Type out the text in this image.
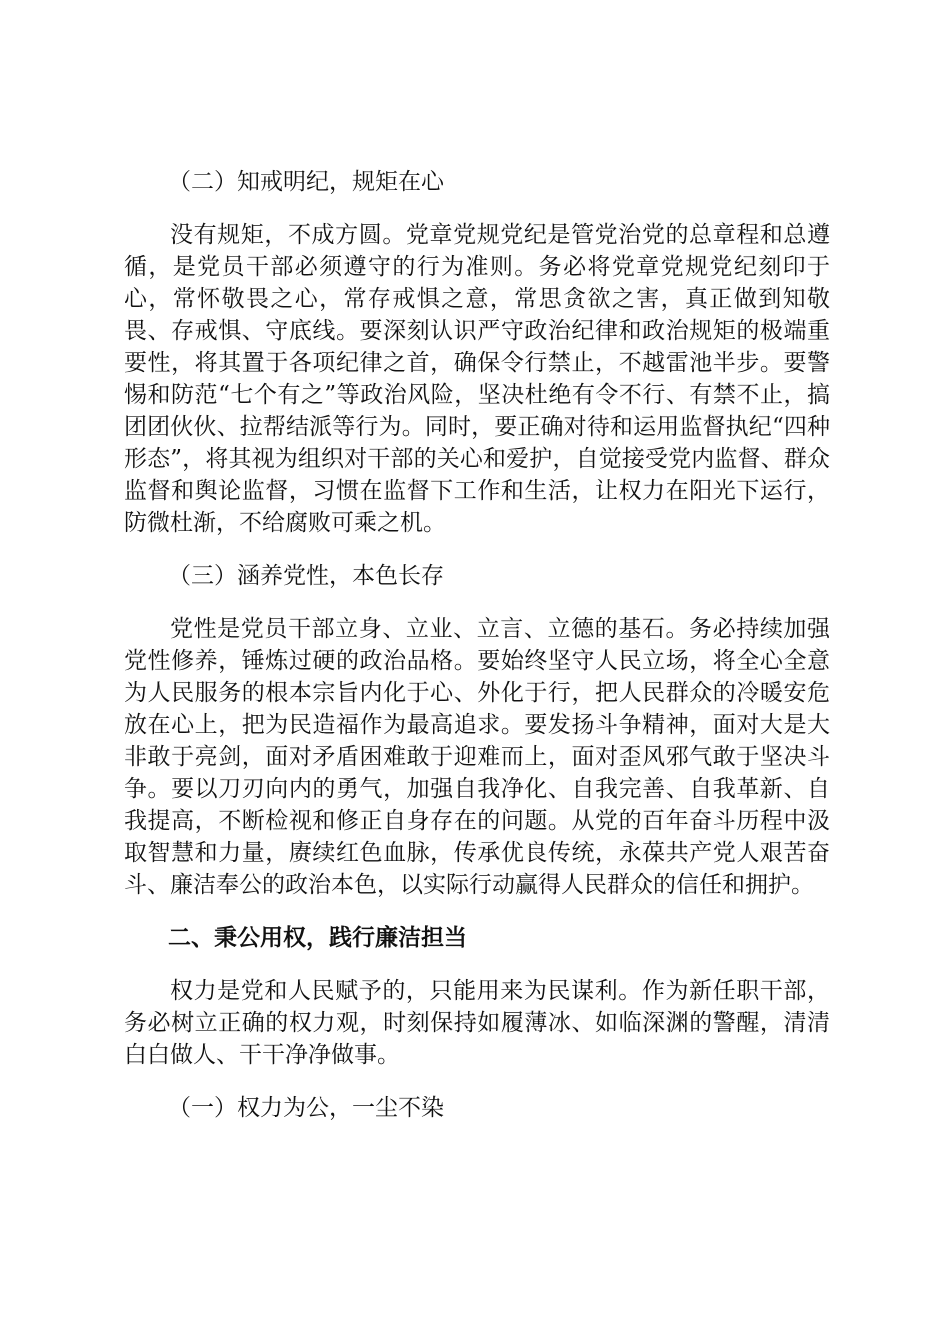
（二）知戒明纪，规矩在心

没有规矩，不成方圆。党章党规党纪是管党治党的总章程和总遵循，是党员干部必须遵守的行为准则。务必将党章党规党纪刻印于心，常怀敬畏之心，常存戒惧之意，常思贪欲之害，真正做到知敬畏、存戒惧、守底线。要深刻认识严守政治纪律和政治规矩的极端重要性，将其置于各项纪律之首，确保令行禁止，不越雷池半步。要警惕和防范“七个有之”等政治风险，坚决杜绝有令不行、有禁不止，搞团团伙伙、拉帮结派等行为。同时，要正确对待和运用监督执纪“四种形态”，将其视为组织对干部的关心和爱护，自觉接受党内监督、群众监督和舆论监督，习惯在监督下工作和生活，让权力在阳光下运行，防微杜渐，不给腐败可乘之机。

（三）涵养党性，本色长存

党性是党员干部立身、立业、立言、立德的基石。务必持续加强党性修养，锤炼过硬的政治品格。要始终坚守人民立场，将全心全意为人民服务的根本宗旨内化于心、外化于行，把人民群众的冷暖安危放在心上，把为民造福作为最高追求。要发扬斗争精神，面对大是大非敢于亮剑，面对矛盾困难敢于迎难而上，面对歪风邪气敢于坚决斗争。要以刀刃向内的勇气，加强自我净化、自我完善、自我革新、自我提高，不断检视和修正自身存在的问题。从党的百年奋斗历程中汲取智慧和力量，赓续红色血脉，传承优良传统，永葆共产党人艰苦奋斗、廉洁奉公的政治本色，以实际行动赢得人民群众的信任和拥护。

二、秉公用权，践行廉洁担当

权力是党和人民赋予的，只能用来为民谋利。作为新任职干部，务必树立正确的权力观，时刻保持如履薄冰、如临深渊的警醒，清清白白做人、干干净净做事。

（一）权力为公，一尘不染
